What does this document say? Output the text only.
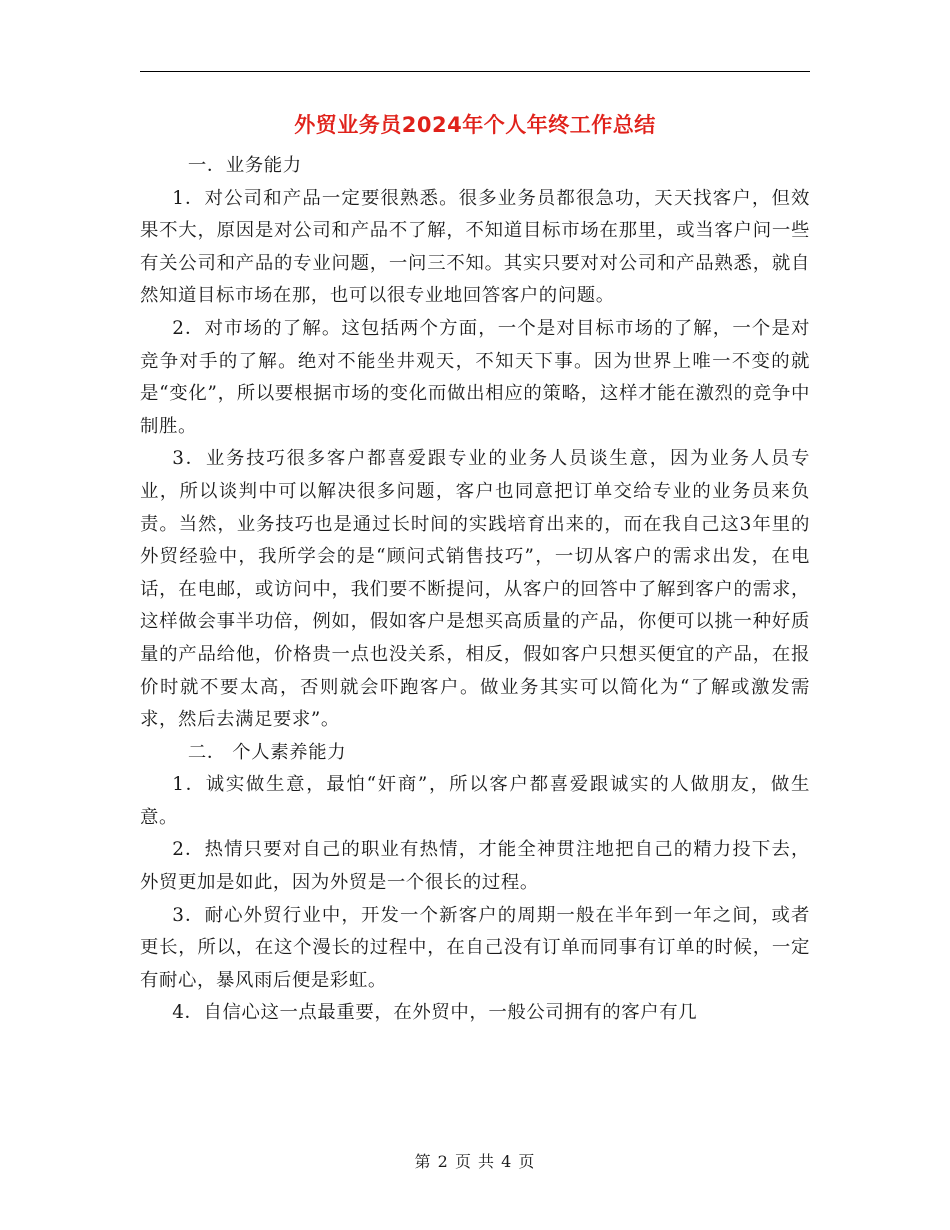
外贸业务员2024年个人年终工作总结

一．业务能力

1．对公司和产品一定要很熟悉。很多业务员都很急功，天天找客户，但效果不大，原因是对公司和产品不了解，不知道目标市场在那里，或当客户问一些有关公司和产品的专业问题，一问三不知。其实只要对对公司和产品熟悉，就自然知道目标市场在那，也可以很专业地回答客户的问题。

2．对市场的了解。这包括两个方面，一个是对目标市场的了解，一个是对竞争对手的了解。绝对不能坐井观天，不知天下事。因为世界上唯一不变的就是“变化”，所以要根据市场的变化而做出相应的策略，这样才能在激烈的竞争中制胜。

3．业务技巧很多客户都喜爱跟专业的业务人员谈生意，因为业务人员专业，所以谈判中可以解决很多问题，客户也同意把订单交给专业的业务员来负责。当然，业务技巧也是通过长时间的实践培育出来的，而在我自己这3年里的外贸经验中，我所学会的是“顾问式销售技巧”，一切从客户的需求出发，在电话，在电邮，或访问中，我们要不断提问，从客户的回答中了解到客户的需求，这样做会事半功倍，例如，假如客户是想买高质量的产品，你便可以挑一种好质量的产品给他，价格贵一点也没关系，相反，假如客户只想买便宜的产品，在报价时就不要太高，否则就会吓跑客户。做业务其实可以简化为“了解或激发需求，然后去满足要求”。

二． 个人素养能力

1．诚实做生意，最怕“奸商”，所以客户都喜爱跟诚实的人做朋友，做生意。

2．热情只要对自己的职业有热情，才能全神贯注地把自己的精力投下去，外贸更加是如此，因为外贸是一个很长的过程。

3．耐心外贸行业中，开发一个新客户的周期一般在半年到一年之间，或者更长，所以，在这个漫长的过程中，在自己没有订单而同事有订单的时候，一定有耐心，暴风雨后便是彩虹。

4．自信心这一点最重要，在外贸中，一般公司拥有的客户有几

第 2 页 共 4 页
